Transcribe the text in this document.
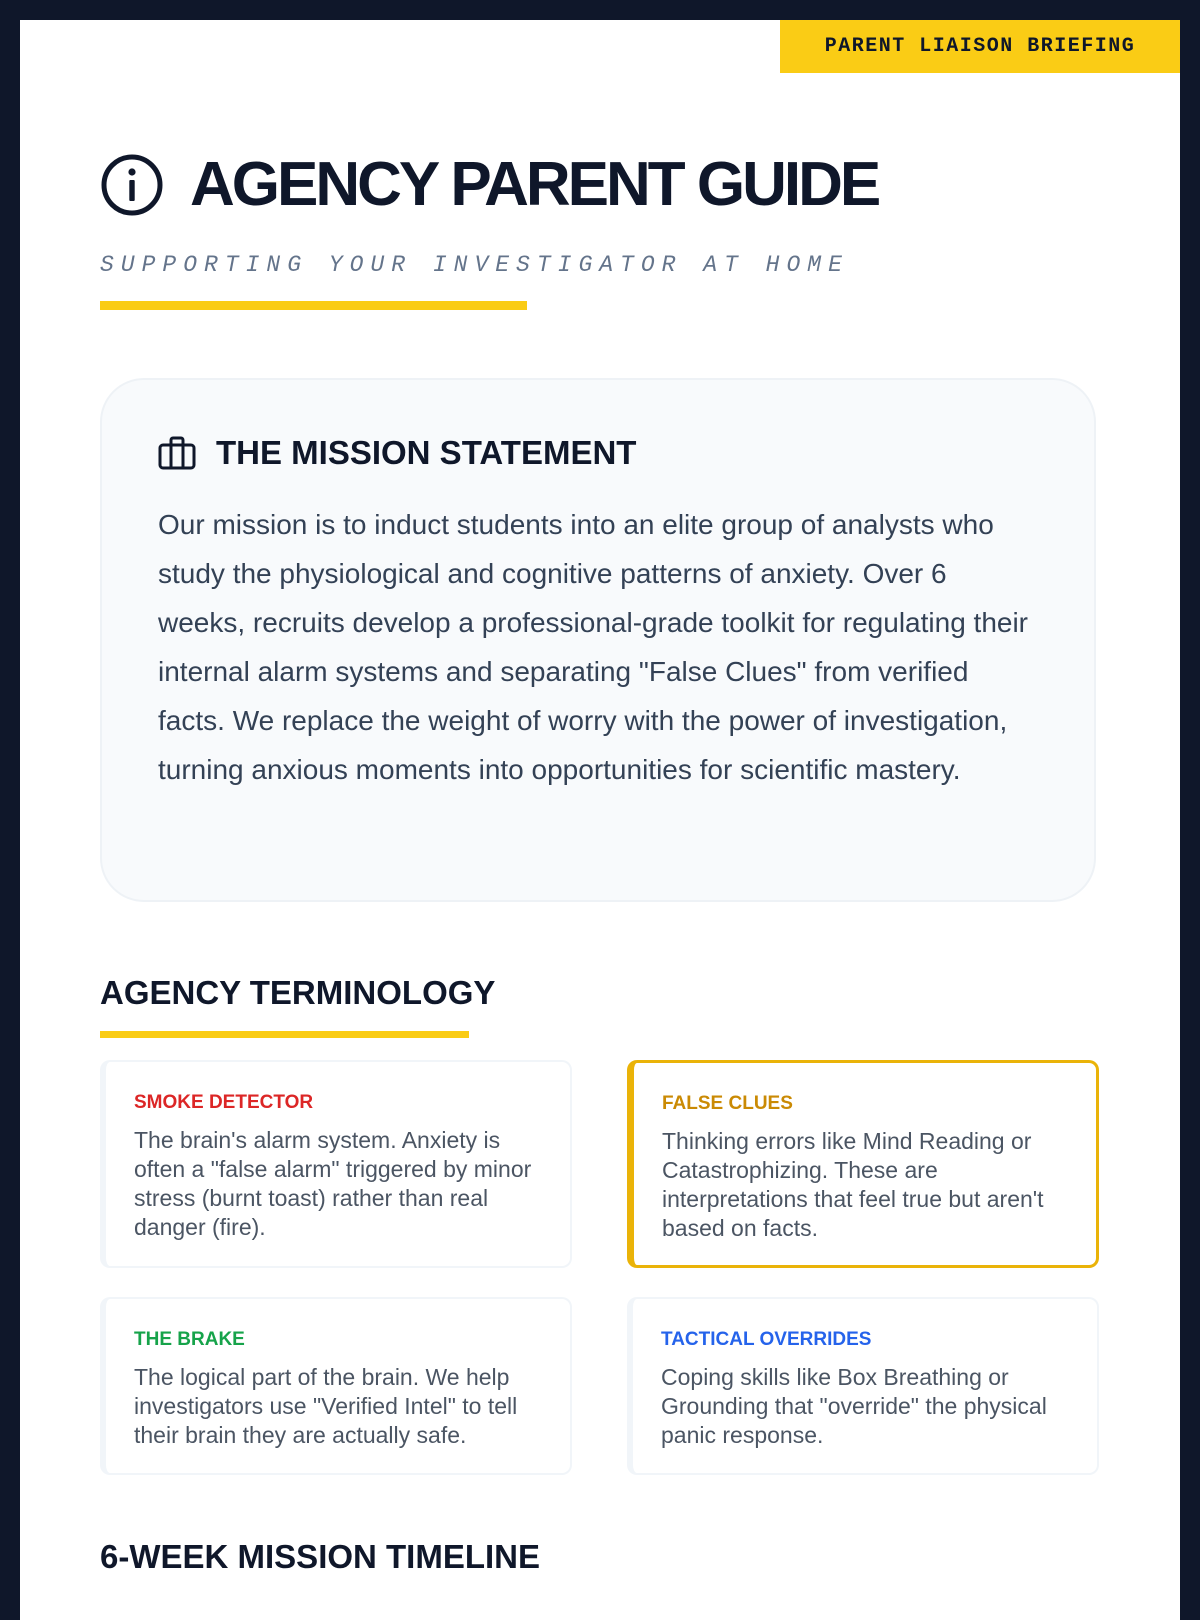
PARENT LIAISON BRIEFING
AGENCY PARENT GUIDE
SUPPORTING YOUR INVESTIGATOR AT HOME
THE MISSION STATEMENT

Our mission is to induct students into an elite group of analysts who study the physiological and cognitive patterns of anxiety. Over 6 weeks, recruits develop a professional-grade toolkit for regulating their internal alarm systems and separating "False Clues" from verified facts. We replace the weight of worry with the power of investigation, turning anxious moments into opportunities for scientific mastery.

AGENCY TERMINOLOGY
SMOKE DETECTOR
The brain's alarm system. Anxiety is often a "false alarm" triggered by minor stress (burnt toast) rather than real danger (fire).
FALSE CLUES
Thinking errors like Mind Reading or Catastrophizing. These are interpretations that feel true but aren't based on facts.
THE BRAKE
The logical part of the brain. We help investigators use "Verified Intel" to tell their brain they are actually safe.
TACTICAL OVERRIDES
Coping skills like Box Breathing or Grounding that "override" the physical panic response.
6-WEEK MISSION TIMELINE
